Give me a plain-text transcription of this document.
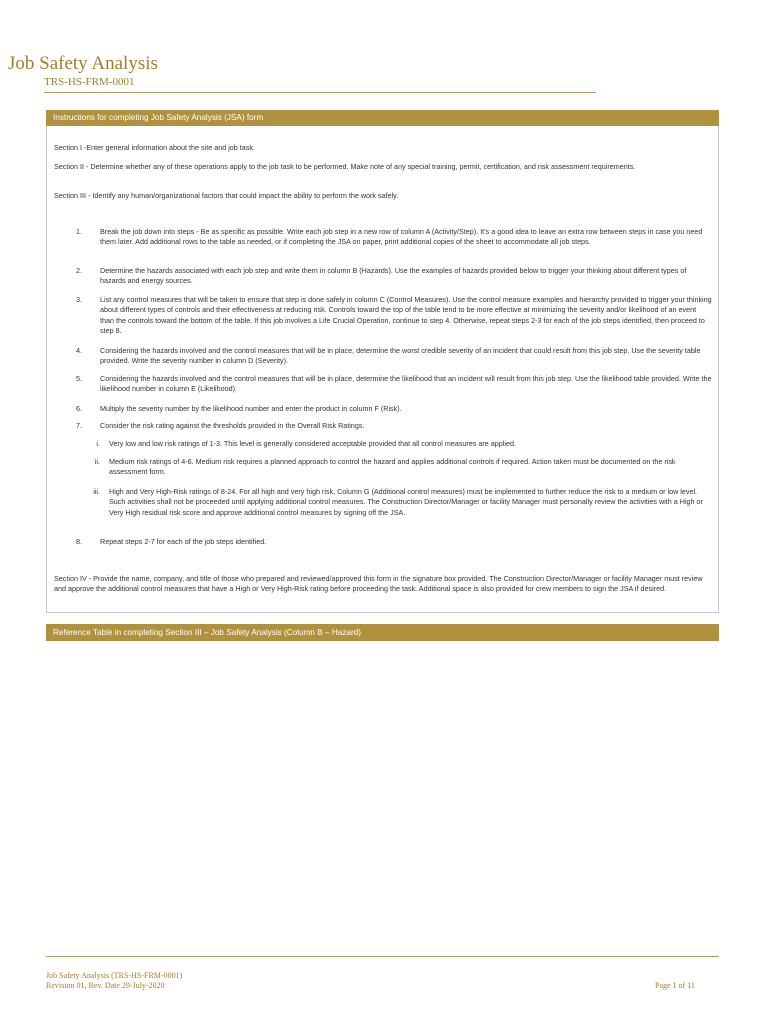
Job Safety Analysis
TRS-HS-FRM-0001
Instructions for completing Job Safety Analysis (JSA) form
Section I -Enter general information about the site and job task.
Section II - Determine whether any of these operations apply to the job task to be performed. Make note of any special training, permit, certification, and risk assessment requirements.
Section III - Identify any human/organizational factors that could impact the ability to perform the work safely.
1.	Break the job down into steps - Be as specific as possible. Write each job step in a new row of column A (Activity/Step). It’s a good idea to leave an extra row between steps in case you need them later. Add additional rows to the table as needed, or if completing the JSA on paper, print additional copies of the sheet to accommodate all job steps.
2.	Determine the hazards associated with each job step and write them in column B (Hazards). Use the examples of hazards provided below to trigger your thinking about different types of hazards and energy sources.
3.	List any control measures that will be taken to ensure that step is done safely in column C (Control Measures). Use the control measure examples and hierarchy provided to trigger your thinking about different types of controls and their effectiveness at reducing risk. Controls toward the top of the table tend to be more effective at minimizing the severity and/or likelihood of an event than the controls toward the bottom of the table. If this job involves a Life Crucial Operation, continue to step 4. Otherwise, repeat steps 2-3 for each of the job steps identified, then proceed to step 8.
4.	Considering the hazards involved and the control measures that will be in place, determine the worst credible severity of an incident that could result from this job step. Use the severity table provided. Write the severity number in column D (Severity).
5.	Considering the hazards involved and the control measures that will be in place, determine the likelihood that an incident will result from this job step. Use the likelihood table provided. Write the likelihood number in column E (Likelihood).
6.	Multiply the severity number by the likelihood number and enter the product in column F (Risk).
7.	Consider the risk rating against the thresholds provided in the Overall Risk Ratings.
i. Very low and low risk ratings of 1-3. This level is generally considered acceptable provided that all control measures are applied.
ii. Medium risk ratings of 4-6. Medium risk requires a planned approach to control the hazard and applies additional controls if required. Action taken must be documented on the risk assessment form.
iii. High and Very High-Risk ratings of 8-24. For all high and very high risk, Column G (Additional control measures) must be implemented to further reduce the risk to a medium or low level. Such activities shall not be proceeded until applying additional control measures. The Construction Director/Manager or facility Manager must personally review the activities with a High or Very High residual risk score and approve additional control measures by signing off the JSA.
8.	Repeat steps 2-7 for each of the job steps identified.
Section IV - Provide the name, company, and title of those who prepared and reviewed/approved this form in the signature box provided. The Construction Director/Manager or facility Manager must review and approve the additional control measures that have a High or Very High-Risk rating before proceeding the task. Additional space is also provided for crew members to sign the JSA if desired.
Reference Table in completing Section III – Job Safety Analysis (Column B – Hazard)
Job Safety Analysis (TRS-HS-FRM-0001)
Revision 01, Rev. Date 29-July-2020	Page 1 of 11
